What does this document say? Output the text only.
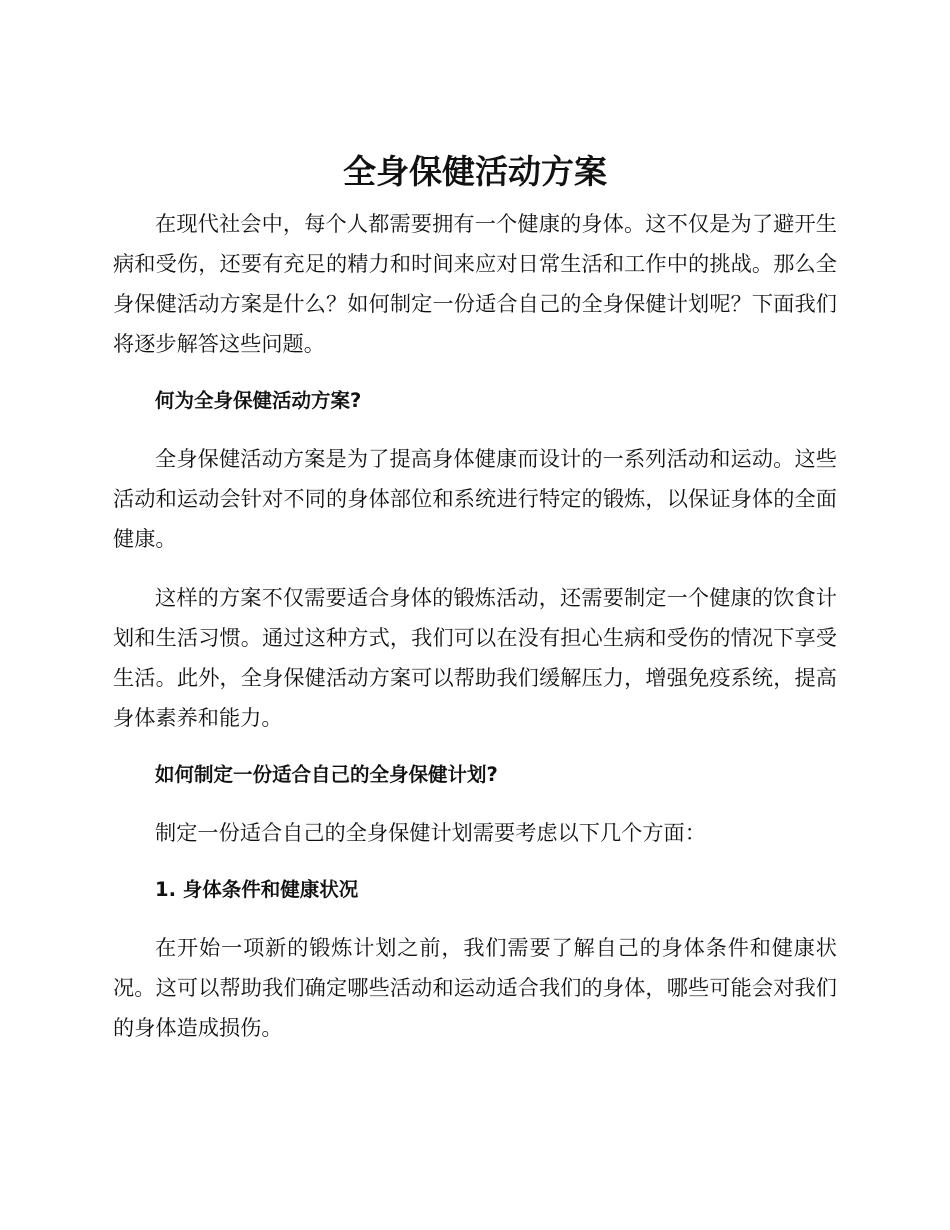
全身保健活动方案

在现代社会中，每个人都需要拥有一个健康的身体。这不仅是为了避开生病和受伤，还要有充足的精力和时间来应对日常生活和工作中的挑战。那么全身保健活动方案是什么？如何制定一份适合自己的全身保健计划呢？下面我们将逐步解答这些问题。

何为全身保健活动方案?

全身保健活动方案是为了提高身体健康而设计的一系列活动和运动。这些活动和运动会针对不同的身体部位和系统进行特定的锻炼，以保证身体的全面健康。

这样的方案不仅需要适合身体的锻炼活动，还需要制定一个健康的饮食计划和生活习惯。通过这种方式，我们可以在没有担心生病和受伤的情况下享受生活。此外，全身保健活动方案可以帮助我们缓解压力，增强免疫系统，提高身体素养和能力。

如何制定一份适合自己的全身保健计划?

制定一份适合自己的全身保健计划需要考虑以下几个方面：

1. 身体条件和健康状况

在开始一项新的锻炼计划之前，我们需要了解自己的身体条件和健康状况。这可以帮助我们确定哪些活动和运动适合我们的身体，哪些可能会对我们的身体造成损伤。
